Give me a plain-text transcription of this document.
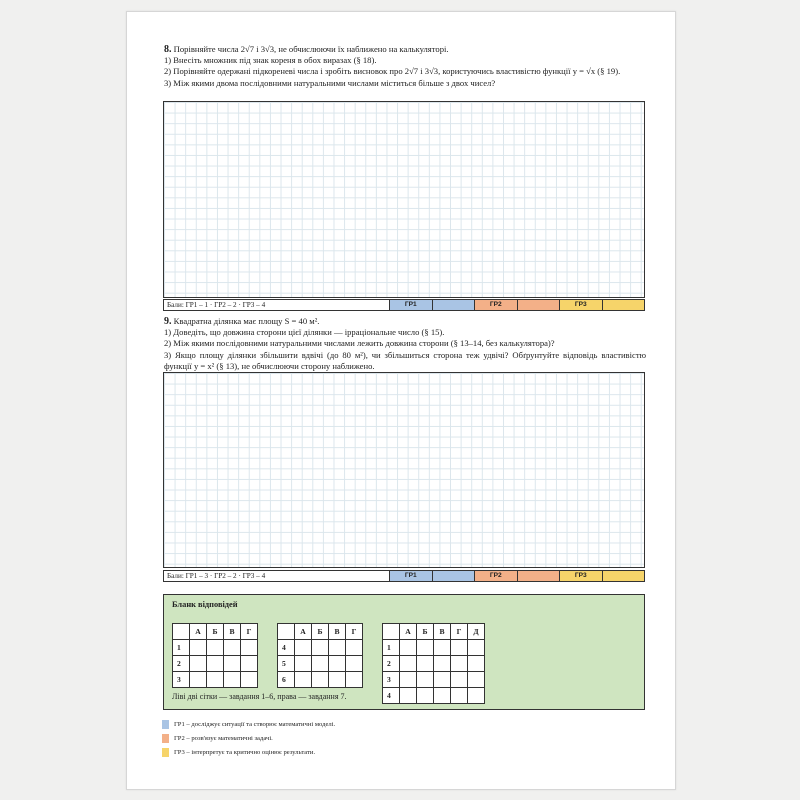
8. Порівняйте числа 2√7 і 3√3, не обчислюючи їх наближено на калькуляторі.

1) Внесіть множник під знак кореня в обох виразах (§ 18).

2) Порівняйте одержані підкореневі числа і зробіть висновок про 2√7 і 3√3, користуючись властивістю функції y = √x (§ 19).

3) Між якими двома послідовними натуральними числами міститься більше з двох чисел?

Бали: ГР1 – 1 · ГР2 – 2 · ГР3 – 4	ГР1	ГР2	ГР3

9. Квадратна ділянка має площу S = 40 м².

1) Доведіть, що довжина сторони цієї ділянки — ірраціональне число (§ 15).

2) Між якими послідовними натуральними числами лежить довжина сторони (§ 13–14, без калькулятора)?

3) Якщо площу ділянки збільшити вдвічі (до 80 м²), чи збільшиться сторона теж удвічі? Обґрунтуйте відповідь властивістю функції y = x² (§ 13), не обчислюючи сторону наближено.

Бали: ГР1 – 3 · ГР2 – 2 · ГР3 – 4	ГР1	ГР2	ГР3
Бланк відповідей
	А	Б	В	Г
1				
2				
3				
	А	Б	В	Г
4				
5				
6				
	А	Б	В	Г	Д
1					
2					
3					
4					
Ліві дві сітки — завдання 1–6, права — завдання 7.
ГР1 – досліджує ситуації та створює математичні моделі.
ГР2 – розв'язує математичні задачі.
ГР3 – інтерпретує та критично оцінює результати.
